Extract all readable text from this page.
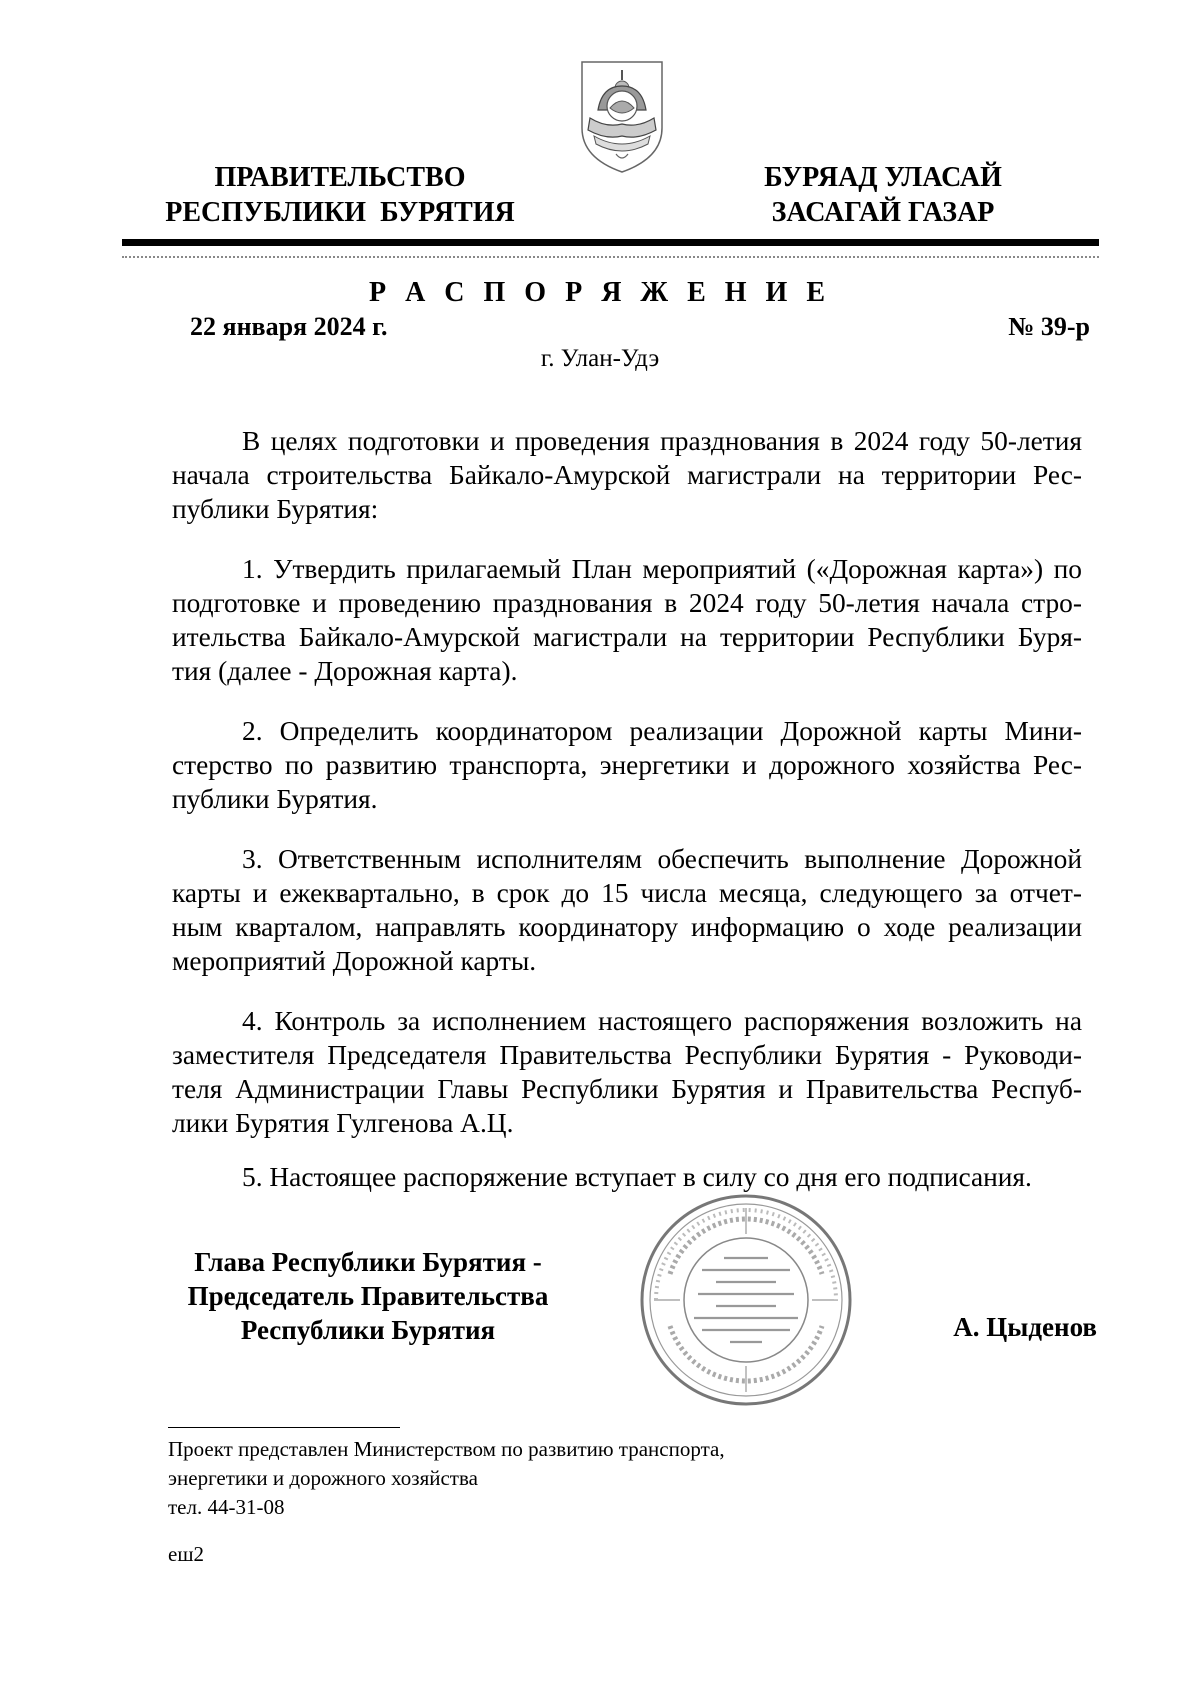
ПРАВИТЕЛЬСТВО
РЕСПУБЛИКИ  БУРЯТИЯ
БУРЯАД УЛАСАЙ
ЗАСАГАЙ ГАЗАР
Р А С П О Р Я Ж Е Н И Е
22 января 2024 г.	№ 39-р
г. Улан-Удэ
В целях подготовки и проведения празднования в 2024 году 50-летия
начала строительства Байкало-Амурской магистрали на территории Рес-
публики Бурятия:
1. Утвердить прилагаемый План мероприятий («Дорожная карта») по
подготовке и проведению празднования в 2024 году 50-летия начала стро-
ительства Байкало-Амурской магистрали на территории Республики Буря-
тия (далее - Дорожная карта).
2. Определить координатором реализации Дорожной карты Мини-
стерство по развитию транспорта, энергетики и дорожного хозяйства Рес-
публики Бурятия.
3. Ответственным исполнителям обеспечить выполнение Дорожной
карты и ежеквартально, в срок до 15 числа месяца, следующего за отчет-
ным кварталом, направлять координатору информацию о ходе реализации
мероприятий Дорожной карты.
4. Контроль за исполнением настоящего распоряжения возложить на
заместителя Председателя Правительства Республики Бурятия - Руководи-
теля Администрации Главы Республики Бурятия и Правительства Респуб-
лики Бурятия Гулгенова А.Ц.
5. Настоящее распоряжение вступает в силу со дня его подписания.
Глава Республики Бурятия -
Председатель Правительства
Республики Бурятия	А. Цыденов
Проект представлен Министерством по развитию транспорта,
энергетики и дорожного хозяйства
тел. 44-31-08
еш2
